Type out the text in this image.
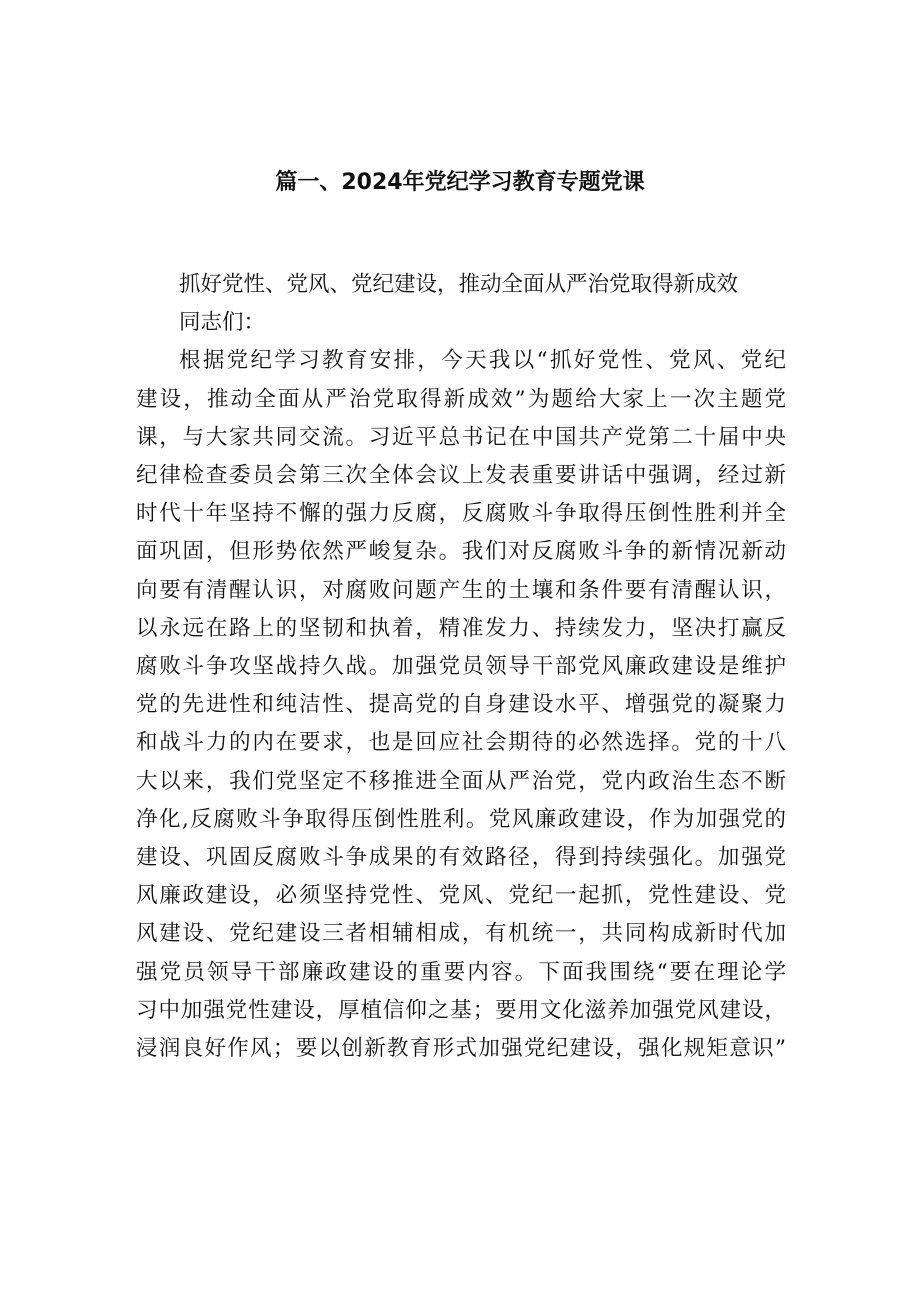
篇一、2024年党纪学习教育专题党课
抓好党性、党风、党纪建设，推动全面从严治党取得新成效
同志们：
根据党纪学习教育安排，今天我以“抓好党性、党风、党纪
建设，推动全面从严治党取得新成效”为题给大家上一次主题党
课，与大家共同交流。习近平总书记在中国共产党第二十届中央
纪律检查委员会第三次全体会议上发表重要讲话中强调，经过新
时代十年坚持不懈的强力反腐，反腐败斗争取得压倒性胜利并全
面巩固，但形势依然严峻复杂。我们对反腐败斗争的新情况新动
向要有清醒认识，对腐败问题产生的土壤和条件要有清醒认识，
以永远在路上的坚韧和执着，精准发力、持续发力，坚决打赢反
腐败斗争攻坚战持久战。加强党员领导干部党风廉政建设是维护
党的先进性和纯洁性、提高党的自身建设水平、增强党的凝聚力
和战斗力的内在要求，也是回应社会期待的必然选择。党的十八
大以来，我们党坚定不移推进全面从严治党，党内政治生态不断
净化,反腐败斗争取得压倒性胜利。党风廉政建设，作为加强党的
建设、巩固反腐败斗争成果的有效路径，得到持续强化。加强党
风廉政建设，必须坚持党性、党风、党纪一起抓，党性建设、党
风建设、党纪建设三者相辅相成，有机统一，共同构成新时代加
强党员领导干部廉政建设的重要内容。下面我围绕“要在理论学
习中加强党性建设，厚植信仰之基；要用文化滋养加强党风建设，
浸润良好作风；要以创新教育形式加强党纪建设，强化规矩意识”
